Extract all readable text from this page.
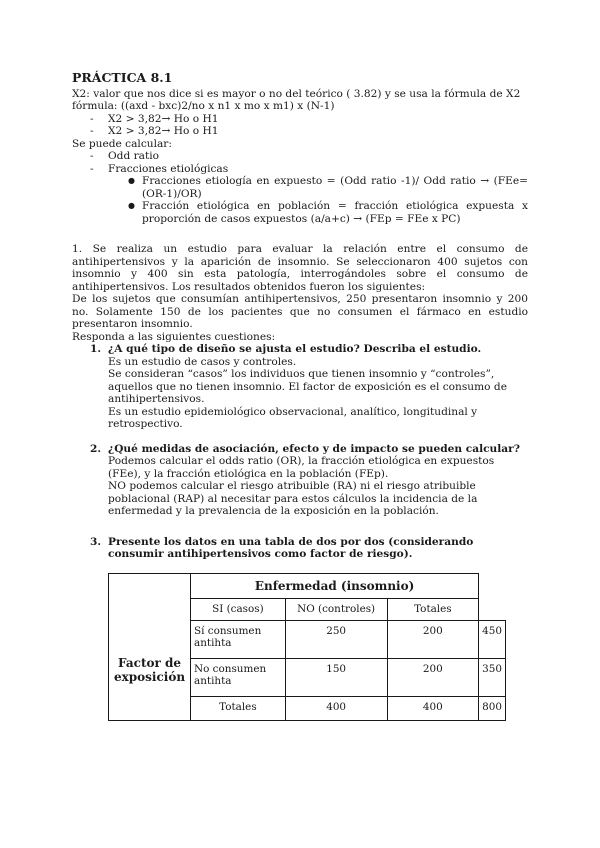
PRÁCTICA 8.1

X2: valor que nos dice si es mayor o no del teórico ( 3.82) y se usa la fórmula de X2

fórmula: ((axd - bxc)2/no x n1 x mo x m1) x (N-1)

- X2 > 3,82→ Ho o H1
- X2 > 3,82→ Ho o H1

Se puede calcular:

- Odd ratio
- Fracciones etiológicas
● Fracciones etiología en expuesto = (Odd ratio -1)/ Odd ratio → (FEe= (OR-1)/OR)
● Fracción etiológica en población = fracción etiológica expuesta x proporción de casos expuestos (a/a+c) → (FEp = FEe x PC)

1. Se realiza un estudio para evaluar la relación entre el consumo de antihipertensivos y la aparición de insomnio. Se seleccionaron 400 sujetos con insomnio y 400 sin esta patología, interrogándoles sobre el consumo de antihipertensivos. Los resultados obtenidos fueron los siguientes:

De los sujetos que consumían antihipertensivos, 250 presentaron insomnio y 200 no. Solamente 150 de los pacientes que no consumen el fármaco en estudio presentaron insomnio.

Responda a las siguientes cuestiones:

1. ¿A qué tipo de diseño se ajusta el estudio? Describa el estudio.

Es un estudio de casos y controles.

Se consideran “casos” los individuos que tienen insomnio y “controles”, aquellos que no tienen insomnio. El factor de exposición es el consumo de antihipertensivos.

Es un estudio epidemiológico observacional, analítico, longitudinal y retrospectivo.

2. ¿Qué medidas de asociación, efecto y de impacto se pueden calcular?

Podemos calcular el odds ratio (OR), la fracción etiológica en expuestos (FEe), y la fracción etiológica en la población (FEp).

NO podemos calcular el riesgo atribuible (RA) ni el riesgo atribuible poblacional (RAP) al necesitar para estos cálculos la incidencia de la enfermedad y la prevalencia de la exposición en la población.

3. Presente los datos en una tabla de dos por dos (considerando consumir antihipertensivos como factor de riesgo).
	Enfermedad (insomnio)			
	SI (casos)	NO (controles)	Totales	
Factor de exposición	Sí consumen antihta	250	200	450
	No consumen antihta	150	200	350
	Totales	400	400	800
